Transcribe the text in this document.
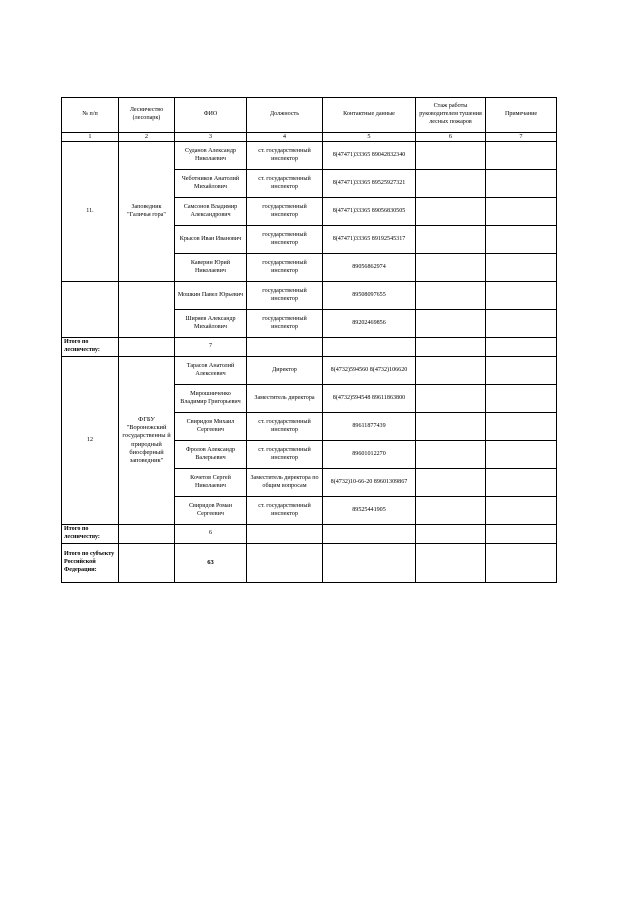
№ п/п	Лесничество (лесопарк)	ФИО	Должность	Контактные данные	Стаж работы руководителем тушения лесных пожаров	Примечание
1	2	3	4	5	6	7
11.	Заповедник "Галичья гора"	Суданов Александр Николаевич	ст. государственный инспектор	8(47471)33365 89042832340		
		Чеботников Анатолий Михайлович	ст. государственный инспектор	8(47471)33365 89525927321		
		Самсонов Владимир Александрович	государственный инспектор	8(47471)33365 89056830505		
		Крысов Иван Иванович	государственный инспектор	8(47471)33365 89192545317		
		Каверин Юрий Николаевич	государственный инспектор	89056862974		
		Мошкин Павел Юрьевич	государственный инспектор	89508097655		
		Ширяев Александр Михайлович	государственный инспектор	89202469856		
Итого по лесничеству:		7				
12	ФГБУ "Воронежский государственны й природный биосферный заповедник"	Тарасов Анатолий Алексеевич	Директор	8(4732)594560 8(4732)106620		
		Мирошниченко Владимир Григорьевич	Заместитель директора	8(4732)594548 89611863800		
		Свиридов Михаил Сергеевич	ст. государственный инспектор	89611877439		
		Фролов Александр Валерьевич	ст. государственный инспектор	89601012270		
		Кочетов Сергей Николаевич	Заместитель директора по общим вопросам	8(4732)10-66-20 89601309867		
		Свиридов Роман Сергеевич	ст. государственный инспектор	89525441905		
Итого по лесничеству:		6				
Итого по субъекту Российской Федерации:		63				
